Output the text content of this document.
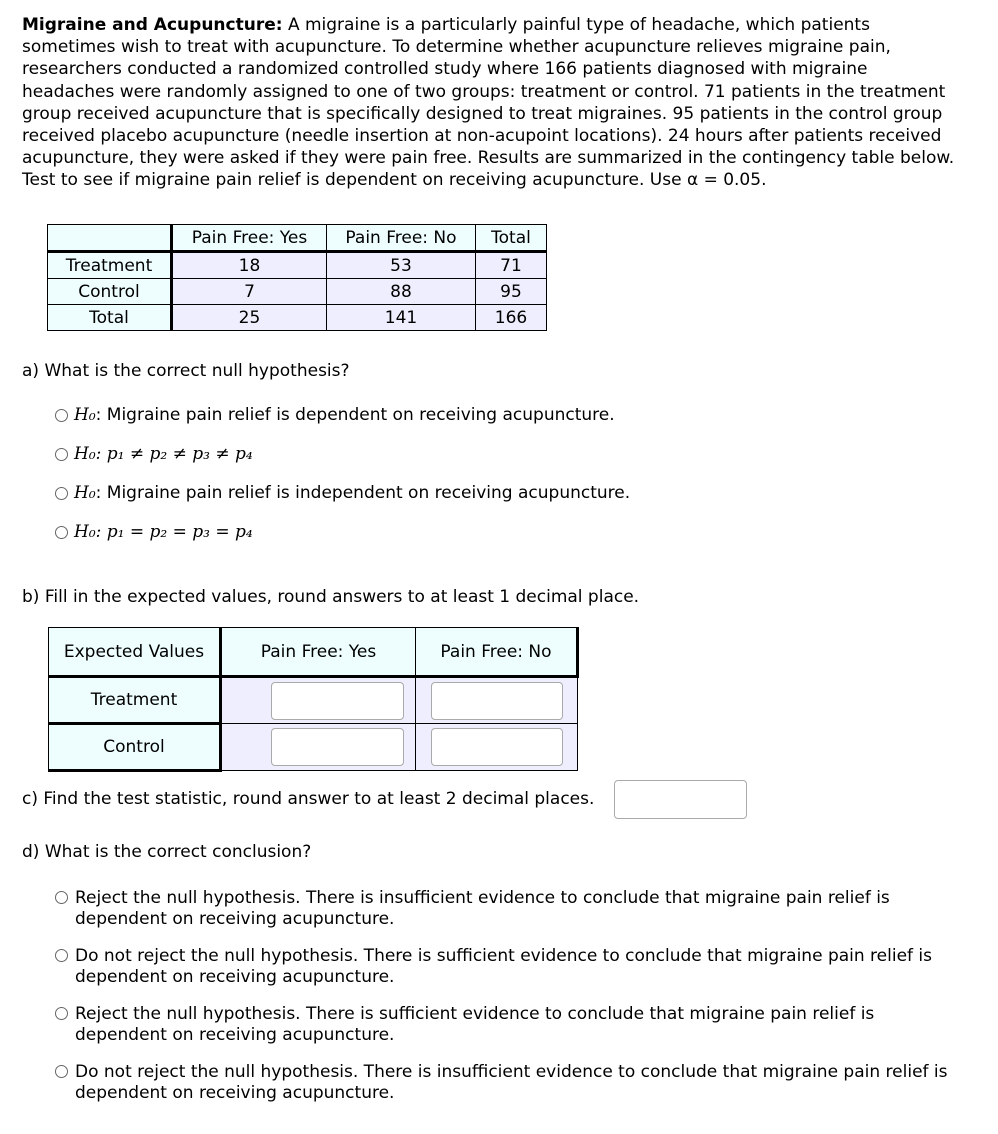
Migraine and Acupuncture: A migraine is a particularly painful type of headache, which patients sometimes wish to treat with acupuncture. To determine whether acupuncture relieves migraine pain, researchers conducted a randomized controlled study where 166 patients diagnosed with migraine headaches were randomly assigned to one of two groups: treatment or control. 71 patients in the treatment group received acupuncture that is specifically designed to treat migraines. 95 patients in the control group received placebo acupuncture (needle insertion at non-acupoint locations). 24 hours after patients received acupuncture, they were asked if they were pain free. Results are summarized in the contingency table below. Test to see if migraine pain relief is dependent on receiving acupuncture. Use α = 0.05.
	Pain Free: Yes	Pain Free: No	Total
Treatment	18	53	71
Control	7	88	95
Total	25	141	166
a) What is the correct null hypothesis?
H₀ : Migraine pain relief is dependent on receiving acupuncture.
H₀ : p₁ ≠ p₂ ≠ p₃ ≠ p₄
H₀ : Migraine pain relief is independent on receiving acupuncture.
H₀ : p₁ = p₂ = p₃ = p₄
b) Fill in the expected values, round answers to at least 1 decimal place.
Expected Values	Pain Free: Yes	Pain Free: No
Treatment	

Control	

c) Find the test statistic, round answer to at least 2 decimal places.
d) What is the correct conclusion?
Reject the null hypothesis. There is insufficient evidence to conclude that migraine pain relief is dependent on receiving acupuncture.
Do not reject the null hypothesis. There is sufficient evidence to conclude that migraine pain relief is dependent on receiving acupuncture.
Reject the null hypothesis. There is sufficient evidence to conclude that migraine pain relief is dependent on receiving acupuncture.
Do not reject the null hypothesis. There is insufficient evidence to conclude that migraine pain relief is dependent on receiving acupuncture.
